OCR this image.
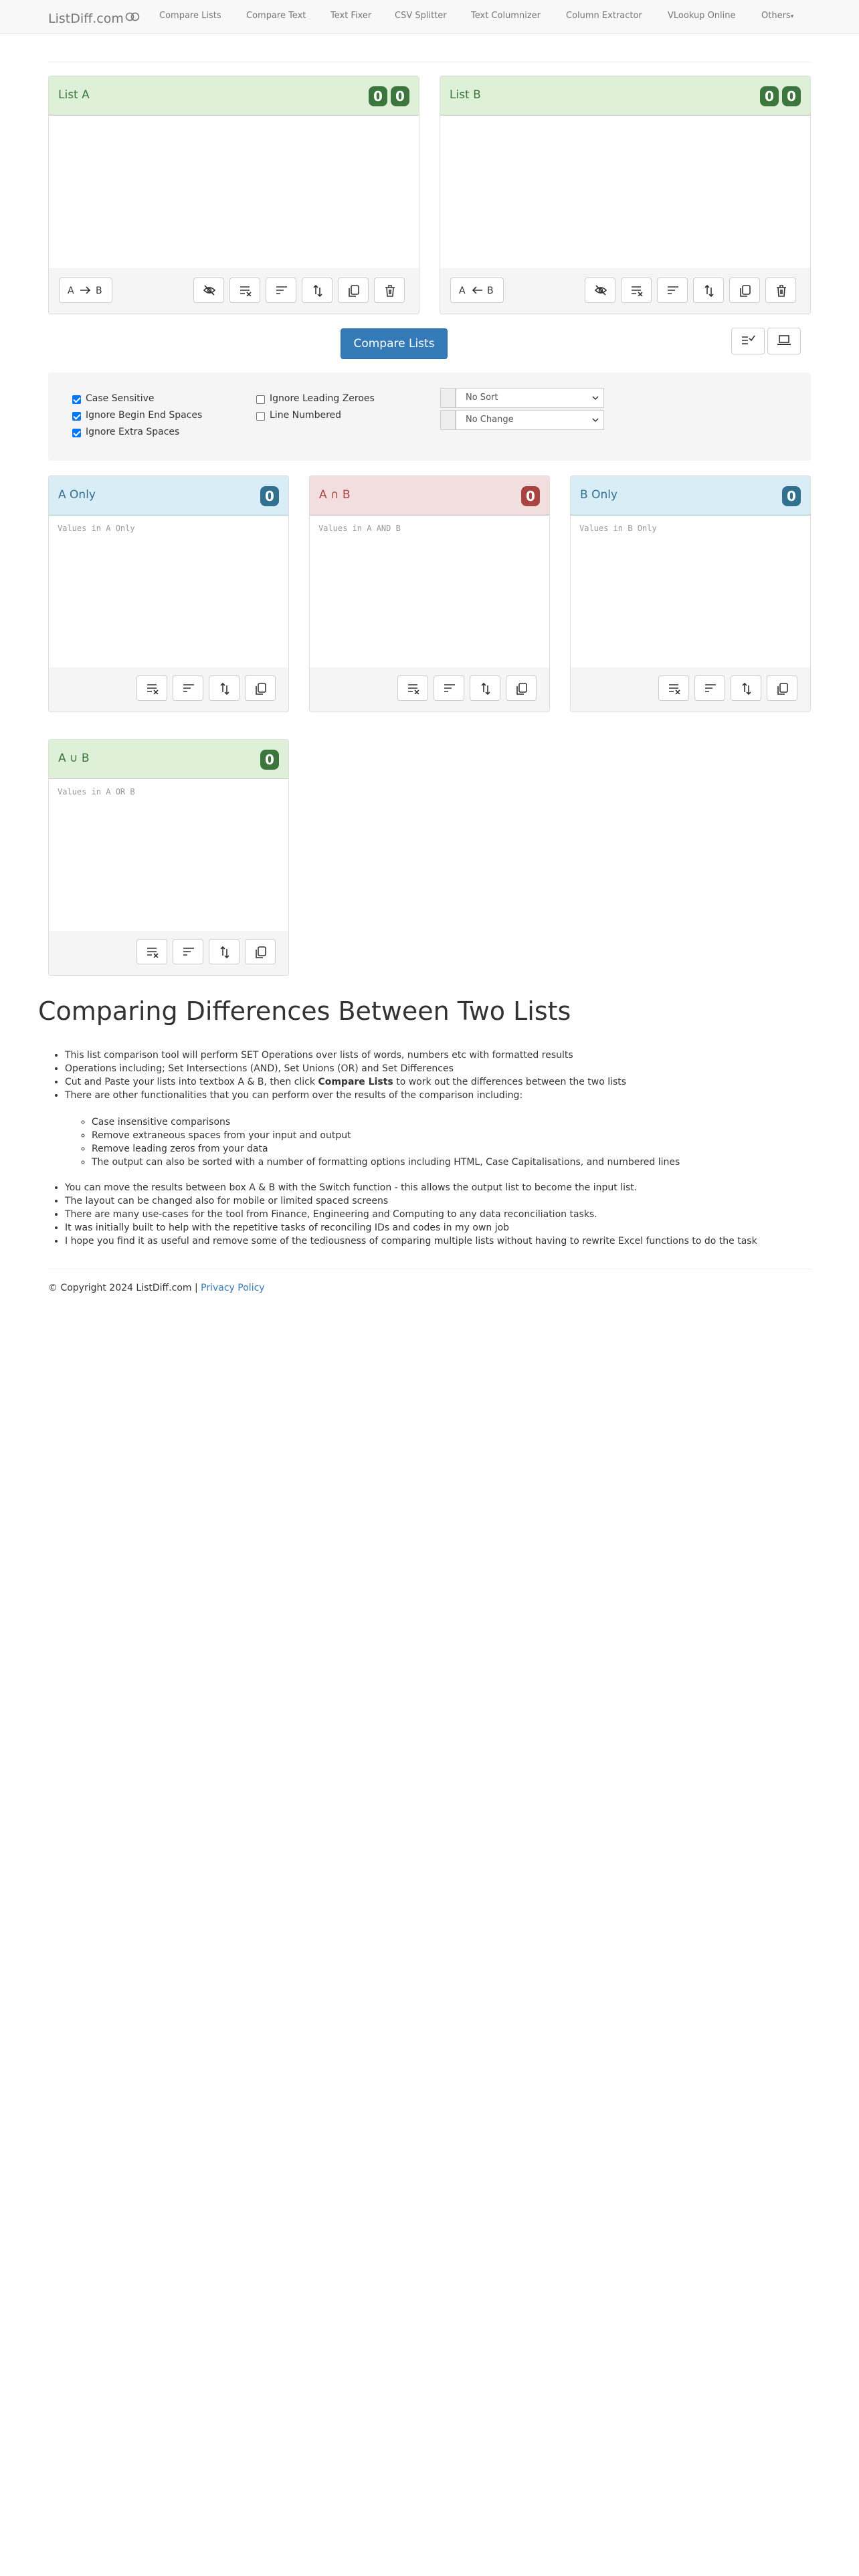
ListDiff.com	Compare Lists	Compare Text	Text Fixer	CSV Splitter	Text Columnizer	Column Extractor	VLookup Online	Others▾
List A	0 0
A B
List B	0 0
A B
Compare Lists
Case Sensitive
Ignore Begin End Spaces
Ignore Extra Spaces
Ignore Leading Zeroes
Line Numbered
No Sort
No Change
A Only	0
Values in A Only
A ∩ B	0
Values in A AND B
B Only	0
Values in B Only
A ∪ B	0
Values in A OR B
Comparing Differences Between Two Lists
• This list comparison tool will perform SET Operations over lists of words, numbers etc with formatted results
• Operations including; Set Intersections (AND), Set Unions (OR) and Set Differences
• Cut and Paste your lists into textbox A & B, then click Compare Lists to work out the differences between the two lists
• There are other functionalities that you can perform over the results of the comparison including:
◦ Case insensitive comparisons
◦ Remove extraneous spaces from your input and output
◦ Remove leading zeros from your data
◦ The output can also be sorted with a number of formatting options including HTML, Case Capitalisations, and numbered lines
• You can move the results between box A & B with the Switch function - this allows the output list to become the input list.
• The layout can be changed also for mobile or limited spaced screens
• There are many use-cases for the tool from Finance, Engineering and Computing to any data reconciliation tasks.
• It was initially built to help with the repetitive tasks of reconciling IDs and codes in my own job
• I hope you find it as useful and remove some of the tediousness of comparing multiple lists without having to rewrite Excel functions to do the task
© Copyright 2024 ListDiff.com | Privacy Policy
